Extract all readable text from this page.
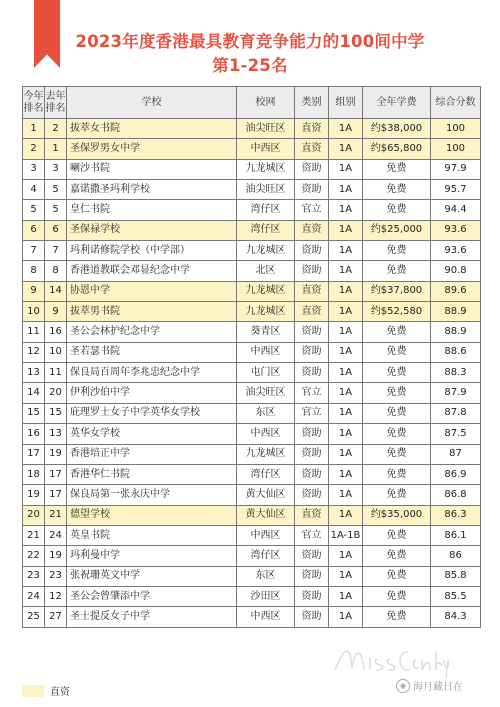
2023年度香港最具教育竞争能力的100间中学
第1-25名
今年排名	去年排名	学校	校网	类别	组别	全年学费	综合分数
1	2	拔萃女书院	油尖旺区	直资	1A	约$38,000	100
2	1	圣保罗男女中学	中西区	直资	1A	约$65,800	100
3	3	喇沙书院	九龙城区	资助	1A	免费	97.9
4	5	嘉诺撒圣玛利学校	油尖旺区	资助	1A	免费	95.7
5	5	皇仁书院	湾仔区	官立	1A	免费	94.4
6	6	圣保禄学校	湾仔区	直资	1A	约$25,000	93.6
7	7	玛利诺修院学校（中学部）	九龙城区	资助	1A	免费	93.6
8	8	香港道教联会邓显纪念中学	北区	资助	1A	免费	90.8
9	14	协恩中学	九龙城区	直资	1A	约$37,800	89.6
10	9	拔萃男书院	九龙城区	直资	1A	约$52,580	88.9
11	16	圣公会林护纪念中学	葵青区	资助	1A	免费	88.9
12	10	圣若瑟书院	中西区	资助	1A	免费	88.6
13	11	保良局百周年李兆忠纪念中学	屯门区	资助	1A	免费	88.3
14	20	伊利沙伯中学	油尖旺区	官立	1A	免费	87.9
15	15	庇理罗士女子中学英华女学校	东区	官立	1A	免费	87.8
16	13	英华女学校	中西区	资助	1A	免费	87.5
17	19	香港培正中学	九龙城区	资助	1A	免费	87
18	17	香港华仁书院	湾仔区	资助	1A	免费	86.9
19	17	保良局第一张永庆中学	黄大仙区	资助	1A	免费	86.8
20	21	德望学校	黄大仙区	直资	1A	约$35,000	86.3
21	24	英皇书院	中西区	官立	1A-1B	免费	86.1
22	19	玛利曼中学	湾仔区	资助	1A	免费	86
23	23	张祝珊英文中学	东区	资助	1A	免费	85.8
24	12	圣公会曾肇添中学	沙田区	资助	1A	免费	85.5
25	27	圣士提反女子中学	中西区	资助	1A	免费	84.3
直资
◉ 海月藏日在
